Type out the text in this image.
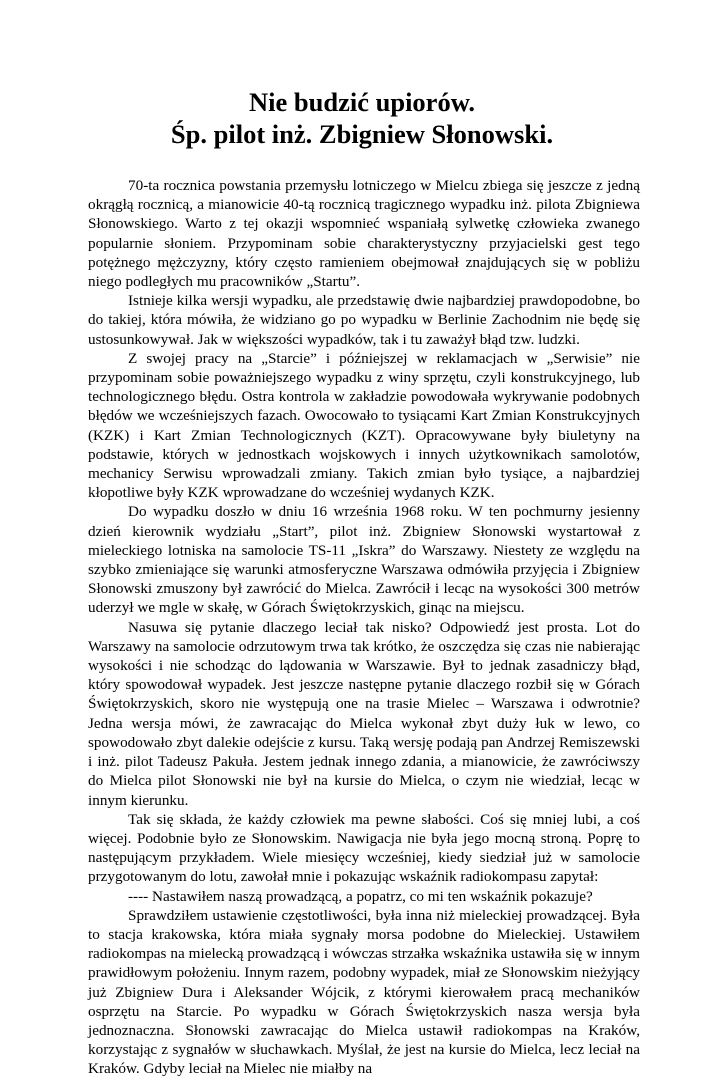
Nie budzić upiorów.
Śp. pilot inż. Zbigniew Słonowski.

70-ta rocznica powstania przemysłu lotniczego w Mielcu zbiega się jeszcze z jedną okrągłą rocznicą, a mianowicie 40-tą rocznicą tragicznego wypadku inż. pilota Zbigniewa Słonowskiego. Warto z tej okazji wspomnieć wspaniałą sylwetkę człowieka zwanego popularnie słoniem. Przypominam sobie charakterystyczny przyjacielski gest tego potężnego mężczyzny, który często ramieniem obejmował znajdujących się w pobliżu niego podległych mu pracowników „Startu”.

Istnieje kilka wersji wypadku, ale przedstawię dwie najbardziej prawdopodobne, bo do takiej, która mówiła, że widziano go po wypadku w Berlinie Zachodnim nie będę się ustosunkowywał. Jak w większości wypadków, tak i tu zaważył błąd tzw. ludzki.

Z swojej pracy na „Starcie” i późniejszej w reklamacjach w „Serwisie” nie przypominam sobie poważniejszego wypadku z winy sprzętu, czyli konstrukcyjnego, lub technologicznego błędu. Ostra kontrola w zakładzie powodowała wykrywanie podobnych błędów we wcześniejszych fazach. Owocowało to tysiącami Kart Zmian Konstrukcyjnych (KZK) i Kart Zmian Technologicznych (KZT). Opracowywane były biuletyny na podstawie, których w jednostkach wojskowych i innych użytkownikach samolotów, mechanicy Serwisu wprowadzali zmiany. Takich zmian było tysiące, a najbardziej kłopotliwe były KZK wprowadzane do wcześniej wydanych KZK.

Do wypadku doszło w dniu 16 września 1968 roku. W ten pochmurny jesienny dzień kierownik wydziału „Start”, pilot inż. Zbigniew Słonowski wystartował z mieleckiego lotniska na samolocie TS-11 „Iskra” do Warszawy. Niestety ze względu na szybko zmieniające się warunki atmosferyczne Warszawa odmówiła przyjęcia i Zbigniew Słonowski zmuszony był zawrócić do Mielca. Zawrócił i lecąc na wysokości 300 metrów uderzył we mgle w skałę, w Górach Świętokrzyskich, ginąc na miejscu.

Nasuwa się pytanie dlaczego leciał tak nisko? Odpowiedź jest prosta. Lot do Warszawy na samolocie odrzutowym trwa tak krótko, że oszczędza się czas nie nabierając wysokości i nie schodząc do lądowania w Warszawie. Był to jednak zasadniczy błąd, który spowodował wypadek. Jest jeszcze następne pytanie dlaczego rozbił się w Górach Świętokrzyskich, skoro nie występują one na trasie Mielec – Warszawa i odwrotnie? Jedna wersja mówi, że zawracając do Mielca wykonał zbyt duży łuk w lewo, co spowodowało zbyt dalekie odejście z kursu. Taką wersję podają pan Andrzej Remiszewski i inż. pilot Tadeusz Pakuła. Jestem jednak innego zdania, a mianowicie, że zawróciwszy do Mielca pilot Słonowski nie był na kursie do Mielca, o czym nie wiedział, lecąc w innym kierunku.

Tak się składa, że każdy człowiek ma pewne słabości. Coś się mniej lubi, a coś więcej. Podobnie było ze Słonowskim. Nawigacja nie była jego mocną stroną. Poprę to następującym przykładem. Wiele miesięcy wcześniej, kiedy siedział już w samolocie przygotowanym do lotu, zawołał mnie i pokazując wskaźnik radiokompasu zapytał:

---- Nastawiłem naszą prowadzącą, a popatrz, co mi ten wskaźnik pokazuje?

Sprawdziłem ustawienie częstotliwości, była inna niż mieleckiej prowadzącej. Była to stacja krakowska, która miała sygnały morsa podobne do Mieleckiej. Ustawiłem radiokompas na mielecką prowadzącą i wówczas strzałka wskaźnika ustawiła się w innym prawidłowym położeniu. Innym razem, podobny wypadek, miał ze Słonowskim nieżyjący już Zbigniew Dura i Aleksander Wójcik, z którymi kierowałem pracą mechaników osprzętu na Starcie. Po wypadku w Górach Świętokrzyskich nasza wersja była jednoznaczna. Słonowski zawracając do Mielca ustawił radiokompas na Kraków, korzystając z sygnałów w słuchawkach. Myślał, że jest na kursie do Mielca, lecz leciał na Kraków. Gdyby leciał na Mielec nie miałby na
